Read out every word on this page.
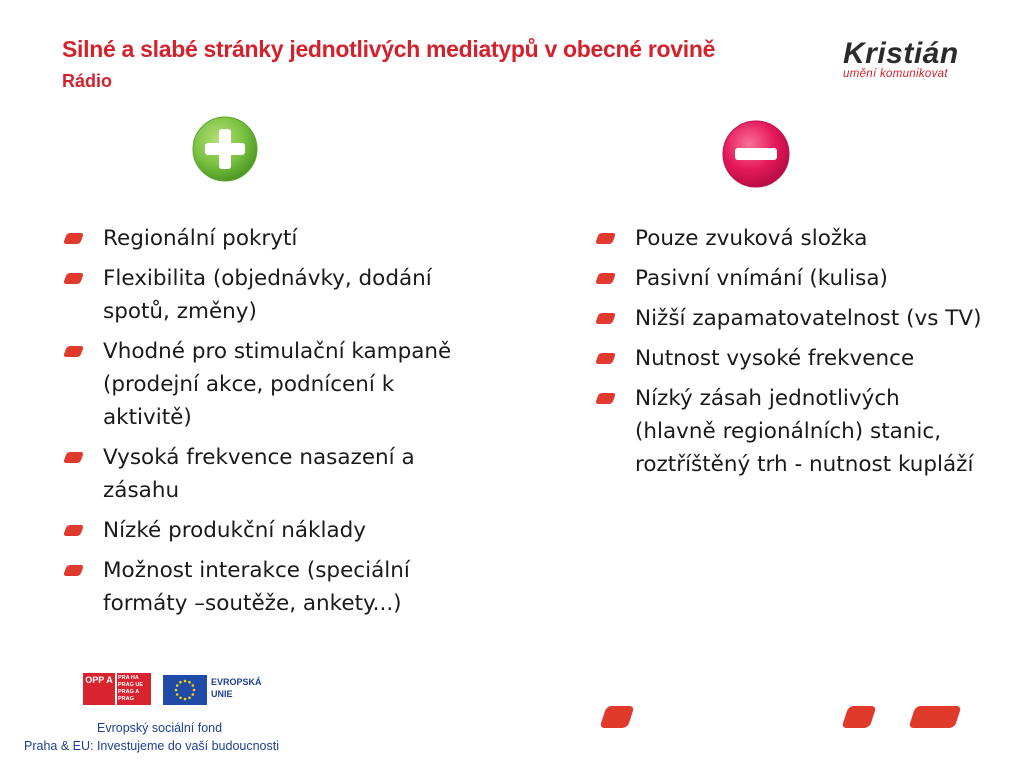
Silné a slabé stránky jednotlivých mediatypů v obecné rovině
Rádio
Kristián
umění komunikovat
Regionální pokrytí
Flexibilita (objednávky, dodání spotů, změny)
Vhodné pro stimulační kampaně (prodejní akce, podnícení k aktivitě)
Vysoká frekvence nasazení a zásahu
Nízké produkční náklady
Možnost interakce (speciální formáty –soutěže, ankety...)
Pouze zvuková složka
Pasivní vnímání (kulisa)
Nižší zapamatovatelnost (vs TV)
Nutnost vysoké frekvence
Nízký zásah jednotlivých (hlavně regionálních) stanic, roztříštěný trh - nutnost kupláží
OPP A PRA HA PRAG UE PRAG A PRAG
EVROPSKÁ
UNIE
Evropský sociální fond
Praha & EU: Investujeme do vaší budoucnosti
